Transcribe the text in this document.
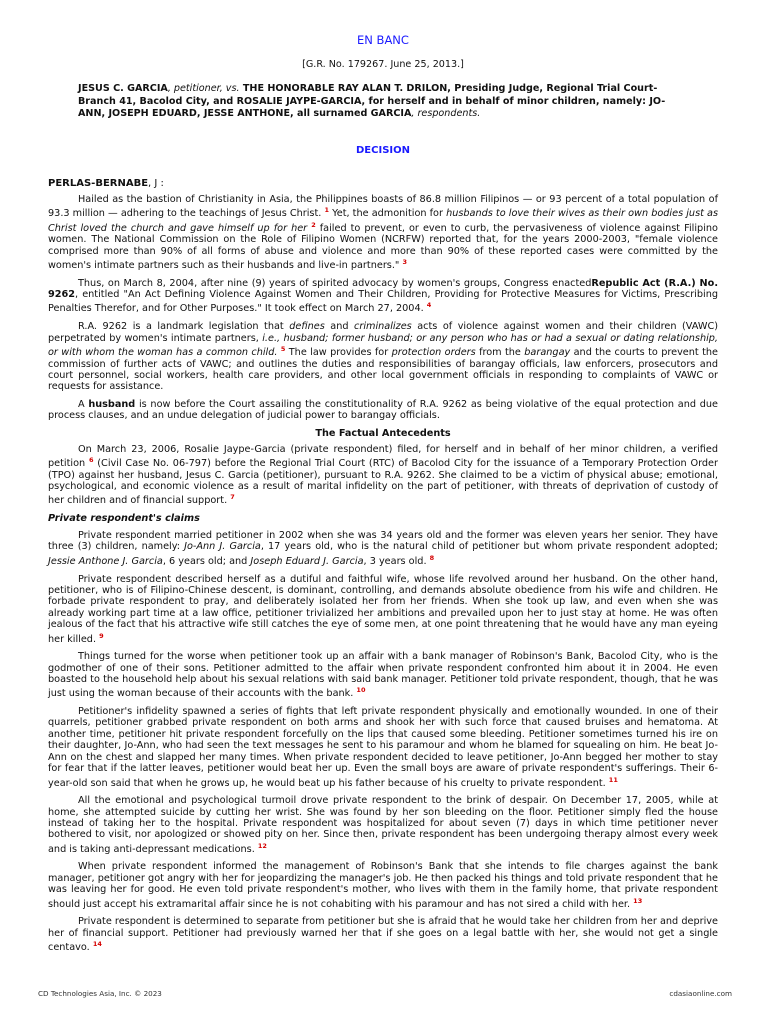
EN BANC
[G.R. No. 179267. June 25, 2013.]
JESUS C. GARCIA, petitioner, vs. THE HONORABLE RAY ALAN T. DRILON, Presiding Judge, Regional Trial Court-Branch 41, Bacolod City, and ROSALIE JAYPE-GARCIA, for herself and in behalf of minor children, namely: JO-ANN, JOSEPH EDUARD, JESSE ANTHONE, all surnamed GARCIA, respondents.
DECISION
PERLAS-BERNABE, J :

Hailed as the bastion of Christianity in Asia, the Philippines boasts of 86.8 million Filipinos — or 93 percent of a total population of 93.3 million — adhering to the teachings of Jesus Christ. $^1$ Yet, the admonition for husbands to love their wives as their own bodies just as Christ loved the church and gave himself up for her $^2$ failed to prevent, or even to curb, the pervasiveness of violence against Filipino women. The National Commission on the Role of Filipino Women (NCRFW) reported that, for the years 2000-2003, "female violence comprised more than 90% of all forms of abuse and violence and more than 90% of these reported cases were committed by the women's intimate partners such as their husbands and live-in partners." $^3$

Thus, on March 8, 2004, after nine (9) years of spirited advocacy by women's groups, Congress enactedRepublic Act (R.A.) No. 9262, entitled "An Act Defining Violence Against Women and Their Children, Providing for Protective Measures for Victims, Prescribing Penalties Therefor, and for Other Purposes." It took effect on March 27, 2004. $^4$

R.A. 9262 is a landmark legislation that defines and criminalizes acts of violence against women and their children (VAWC) perpetrated by women's intimate partners, i.e., husband; former husband; or any person who has or had a sexual or dating relationship, or with whom the woman has a common child. $^5$ The law provides for protection orders from the barangay and the courts to prevent the commission of further acts of VAWC; and outlines the duties and responsibilities of barangay officials, law enforcers, prosecutors and court personnel, social workers, health care providers, and other local government officials in responding to complaints of VAWC or requests for assistance.

A husband is now before the Court assailing the constitutionality of R.A. 9262 as being violative of the equal protection and due process clauses, and an undue delegation of judicial power to barangay officials.

The Factual Antecedents

On March 23, 2006, Rosalie Jaype-Garcia (private respondent) filed, for herself and in behalf of her minor children, a verified petition $^6$ (Civil Case No. 06-797) before the Regional Trial Court (RTC) of Bacolod City for the issuance of a Temporary Protection Order (TPO) against her husband, Jesus C. Garcia (petitioner), pursuant to R.A. 9262. She claimed to be a victim of physical abuse; emotional, psychological, and economic violence as a result of marital infidelity on the part of petitioner, with threats of deprivation of custody of her children and of financial support. $^7$

Private respondent's claims

Private respondent married petitioner in 2002 when she was 34 years old and the former was eleven years her senior. They have three (3) children, namely: Jo-Ann J. Garcia, 17 years old, who is the natural child of petitioner but whom private respondent adopted; Jessie Anthone J. Garcia, 6 years old; and Joseph Eduard J. Garcia, 3 years old. $^8$

Private respondent described herself as a dutiful and faithful wife, whose life revolved around her husband. On the other hand, petitioner, who is of Filipino-Chinese descent, is dominant, controlling, and demands absolute obedience from his wife and children. He forbade private respondent to pray, and deliberately isolated her from her friends. When she took up law, and even when she was already working part time at a law office, petitioner trivialized her ambitions and prevailed upon her to just stay at home. He was often jealous of the fact that his attractive wife still catches the eye of some men, at one point threatening that he would have any man eyeing her killed. $^9$

Things turned for the worse when petitioner took up an affair with a bank manager of Robinson's Bank, Bacolod City, who is the godmother of one of their sons. Petitioner admitted to the affair when private respondent confronted him about it in 2004. He even boasted to the household help about his sexual relations with said bank manager. Petitioner told private respondent, though, that he was just using the woman because of their accounts with the bank. $^{10}$

Petitioner's infidelity spawned a series of fights that left private respondent physically and emotionally wounded. In one of their quarrels, petitioner grabbed private respondent on both arms and shook her with such force that caused bruises and hematoma. At another time, petitioner hit private respondent forcefully on the lips that caused some bleeding. Petitioner sometimes turned his ire on their daughter, Jo-Ann, who had seen the text messages he sent to his paramour and whom he blamed for squealing on him. He beat Jo-Ann on the chest and slapped her many times. When private respondent decided to leave petitioner, Jo-Ann begged her mother to stay for fear that if the latter leaves, petitioner would beat her up. Even the small boys are aware of private respondent's sufferings. Their 6-year-old son said that when he grows up, he would beat up his father because of his cruelty to private respondent. $^{11}$

All the emotional and psychological turmoil drove private respondent to the brink of despair. On December 17, 2005, while at home, she attempted suicide by cutting her wrist. She was found by her son bleeding on the floor. Petitioner simply fled the house instead of taking her to the hospital. Private respondent was hospitalized for about seven (7) days in which time petitioner never bothered to visit, nor apologized or showed pity on her. Since then, private respondent has been undergoing therapy almost every week and is taking anti-depressant medications. $^{12}$

When private respondent informed the management of Robinson's Bank that she intends to file charges against the bank manager, petitioner got angry with her for jeopardizing the manager's job. He then packed his things and told private respondent that he was leaving her for good. He even told private respondent's mother, who lives with them in the family home, that private respondent should just accept his extramarital affair since he is not cohabiting with his paramour and has not sired a child with her. $^{13}$

Private respondent is determined to separate from petitioner but she is afraid that he would take her children from her and deprive her of financial support. Petitioner had previously warned her that if she goes on a legal battle with her, she would not get a single centavo. $^{14}$

CD Technologies Asia, Inc. © 2023	cdasiaonline.com
